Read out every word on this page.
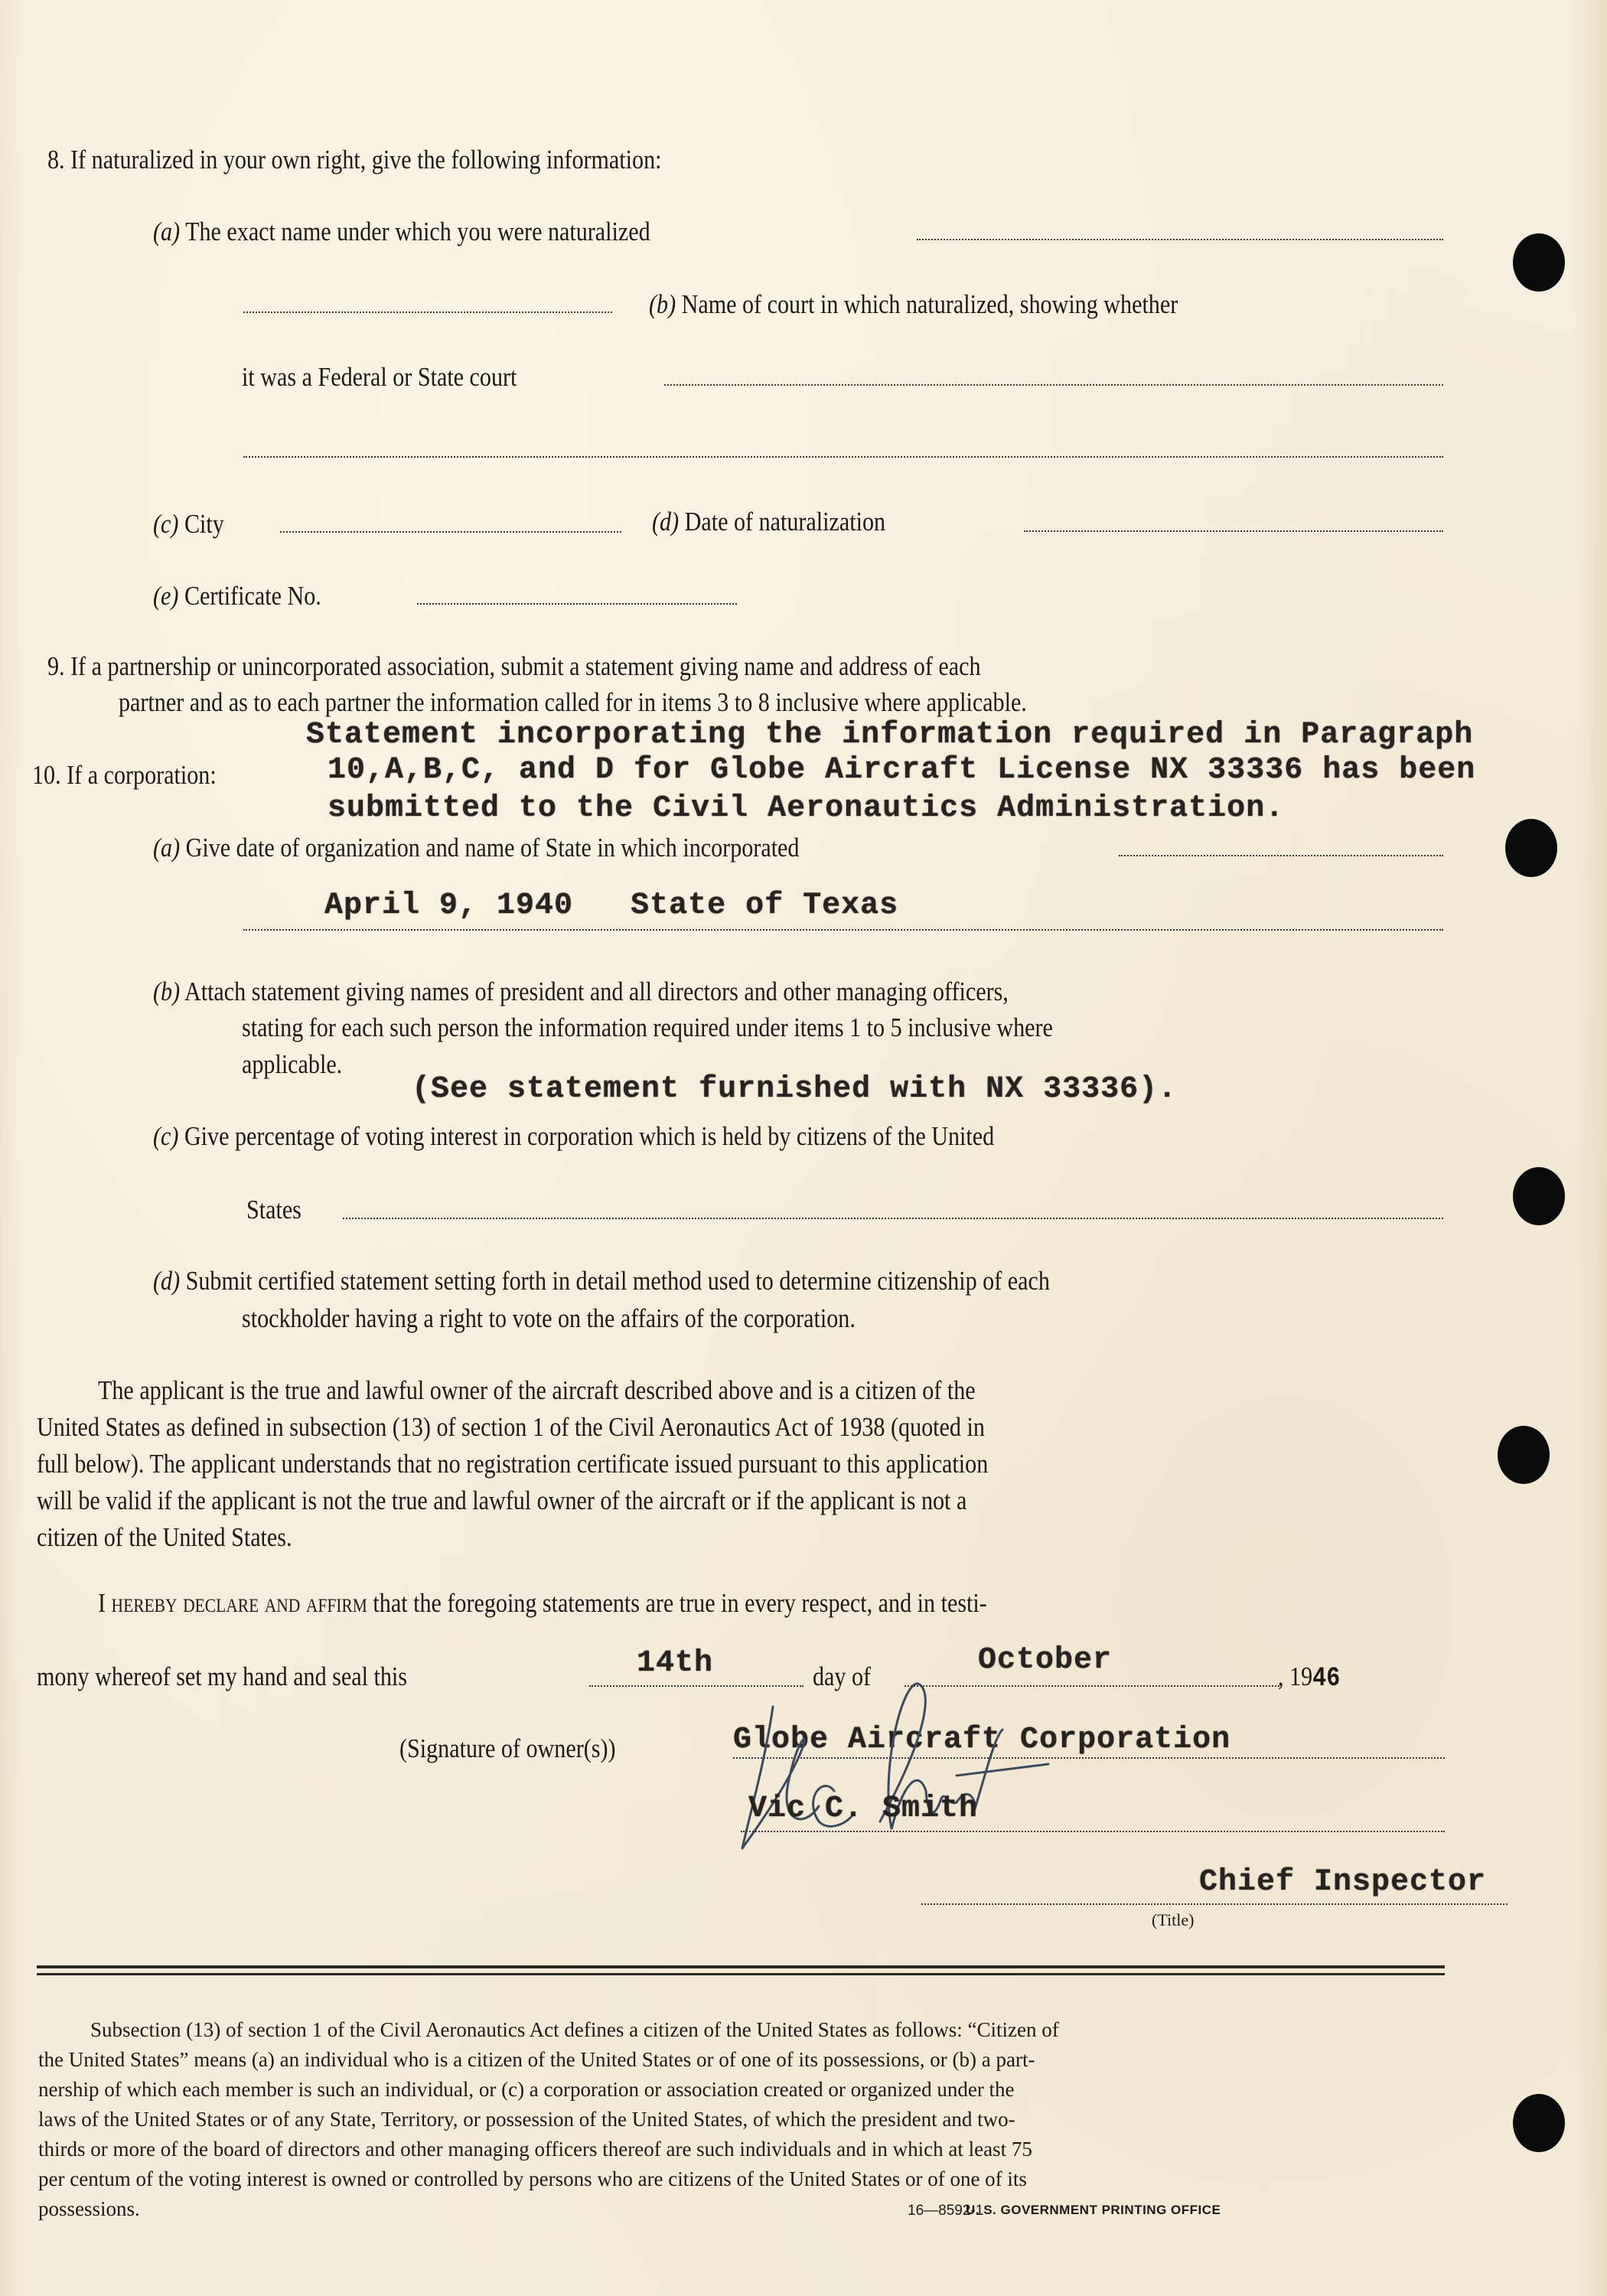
8. If naturalized in your own right, give the following information:
(a) The exact name under which you were naturalized
(b) Name of court in which naturalized, showing whether
it was a Federal or State court
(c) City	(d) Date of naturalization
(e) Certificate No.
9. If a partnership or unincorporated association, submit a statement giving name and address of each
partner and as to each partner the information called for in items 3 to 8 inclusive where applicable.
Statement incorporating the information required in Paragraph
10. If a corporation:	10,A,B,C, and D for Globe Aircraft License NX 33336 has been
submitted to the Civil Aeronautics Administration.
(a) Give date of organization and name of State in which incorporated
April 9, 1940 State of Texas
(b) Attach statement giving names of president and all directors and other managing officers,
stating for each such person the information required under items 1 to 5 inclusive where
applicable.
(See statement furnished with NX 33336).
(c) Give percentage of voting interest in corporation which is held by citizens of the United
States
(d) Submit certified statement setting forth in detail method used to determine citizenship of each
stockholder having a right to vote on the affairs of the corporation.
The applicant is the true and lawful owner of the aircraft described above and is a citizen of the
United States as defined in subsection (13) of section 1 of the Civil Aeronautics Act of 1938 (quoted in
full below). The applicant understands that no registration certificate issued pursuant to this application
will be valid if the applicant is not the true and lawful owner of the aircraft or if the applicant is not a
citizen of the United States.
I hereby declare and affirm that the foregoing statements are true in every respect, and in testi-
mony whereof set my hand and seal this	14th	day of	October	, 1946
(Signature of owner(s))	Globe Aircraft Corporation
Vic C. Smith
Chief Inspector
(Title)
Subsection (13) of section 1 of the Civil Aeronautics Act defines a citizen of the United States as follows: “Citizen of
the United States” means (a) an individual who is a citizen of the United States or of one of its possessions, or (b) a part-
nership of which each member is such an individual, or (c) a corporation or association created or organized under the
laws of the United States or of any State, Territory, or possession of the United States, of which the president and two-
thirds or more of the board of directors and other managing officers thereof are such individuals and in which at least 75
per centum of the voting interest is owned or controlled by persons who are citizens of the United States or of one of its
possessions.	16—8592-1
U. S. GOVERNMENT PRINTING OFFICE
